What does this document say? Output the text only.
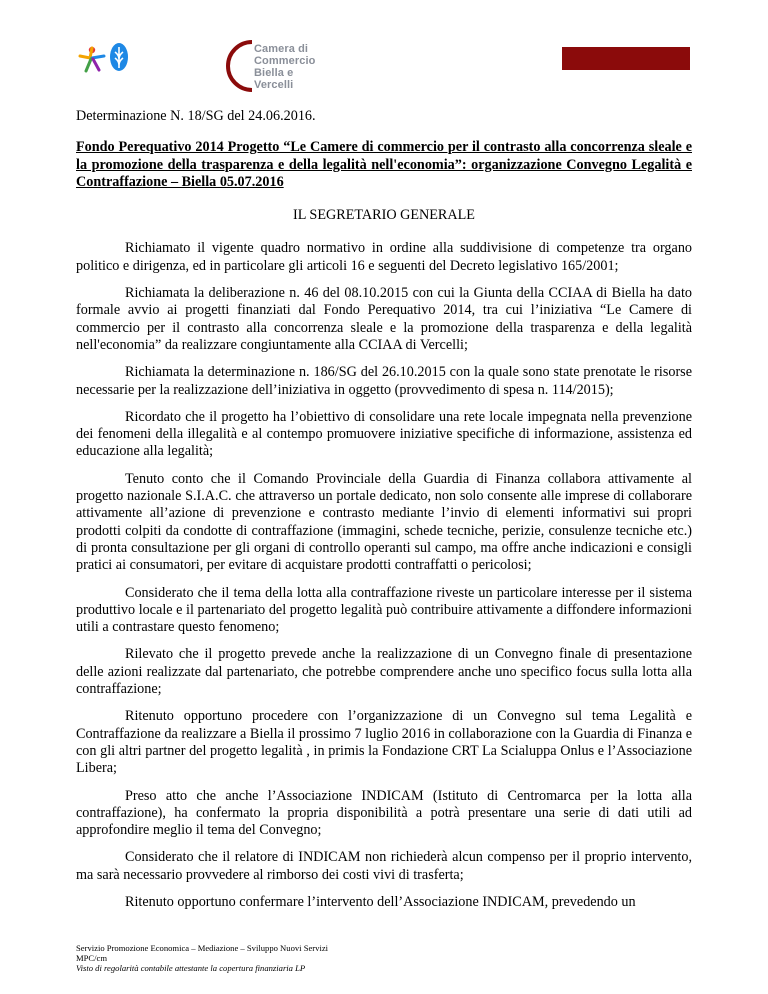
Camera di Commercio
Biella e Vercelli

Determinazione N. 18/SG del 24.06.2016.

Fondo Perequativo 2014 Progetto “Le Camere di commercio per il contrasto alla concorrenza sleale e la promozione della trasparenza e della legalità nell'economia”: organizzazione Convegno Legalità e Contraffazione – Biella 05.07.2016

IL SEGRETARIO GENERALE

Richiamato il vigente quadro normativo in ordine alla suddivisione di competenze tra organo politico e dirigenza, ed in particolare gli articoli 16 e seguenti del Decreto legislativo 165/2001;

Richiamata la deliberazione n. 46 del 08.10.2015 con cui la Giunta della CCIAA di Biella ha dato formale avvio ai progetti finanziati dal Fondo Perequativo 2014, tra cui l’iniziativa “Le Camere di commercio per il contrasto alla concorrenza sleale e la promozione della trasparenza e della legalità nell'economia” da realizzare congiuntamente alla CCIAA di Vercelli;

Richiamata la determinazione n. 186/SG del 26.10.2015 con la quale sono state prenotate le risorse necessarie per la realizzazione dell’iniziativa in oggetto (provvedimento di spesa n. 114/2015);

Ricordato che il progetto ha l’obiettivo di consolidare una rete locale impegnata nella prevenzione dei fenomeni della illegalità e al contempo promuovere iniziative specifiche di informazione, assistenza ed educazione alla legalità;

Tenuto conto che il Comando Provinciale della Guardia di Finanza collabora attivamente al progetto nazionale S.I.A.C. che attraverso un portale dedicato, non solo consente alle imprese di collaborare attivamente all’azione di prevenzione e contrasto mediante l’invio di elementi informativi sui propri prodotti colpiti da condotte di contraffazione (immagini, schede tecniche, perizie, consulenze tecniche etc.) di pronta consultazione per gli organi di controllo operanti sul campo, ma offre anche indicazioni e consigli pratici ai consumatori, per evitare di acquistare prodotti contraffatti o pericolosi;

Considerato che il tema della lotta alla contraffazione riveste un particolare interesse per il sistema produttivo locale e il partenariato del progetto legalità può contribuire attivamente a diffondere informazioni utili a contrastare questo fenomeno;

Rilevato che il progetto prevede anche la realizzazione di un Convegno finale di presentazione delle azioni realizzate dal partenariato, che potrebbe comprendere anche uno specifico focus sulla lotta alla contraffazione;

Ritenuto opportuno procedere con l’organizzazione di un Convegno sul tema Legalità e Contraffazione da realizzare a Biella il prossimo 7 luglio 2016 in collaborazione con la Guardia di Finanza e con gli altri partner del progetto legalità , in primis la Fondazione CRT La Scialuppa Onlus e l’Associazione Libera;

Preso atto che anche l’Associazione INDICAM (Istituto di Centromarca per la lotta alla contraffazione), ha confermato la propria disponibilità a potrà presentare una serie di dati utili ad approfondire meglio il tema del Convegno;

Considerato che il relatore di INDICAM non richiederà alcun compenso per il proprio intervento, ma sarà necessario provvedere al rimborso dei costi vivi di trasferta;

Ritenuto opportuno confermare l’intervento dell’Associazione INDICAM, prevedendo un

Servizio Promozione Economica – Mediazione – Sviluppo Nuovi Servizi
MPC/cm
Visto di regolarità contabile attestante la copertura finanziaria LP
